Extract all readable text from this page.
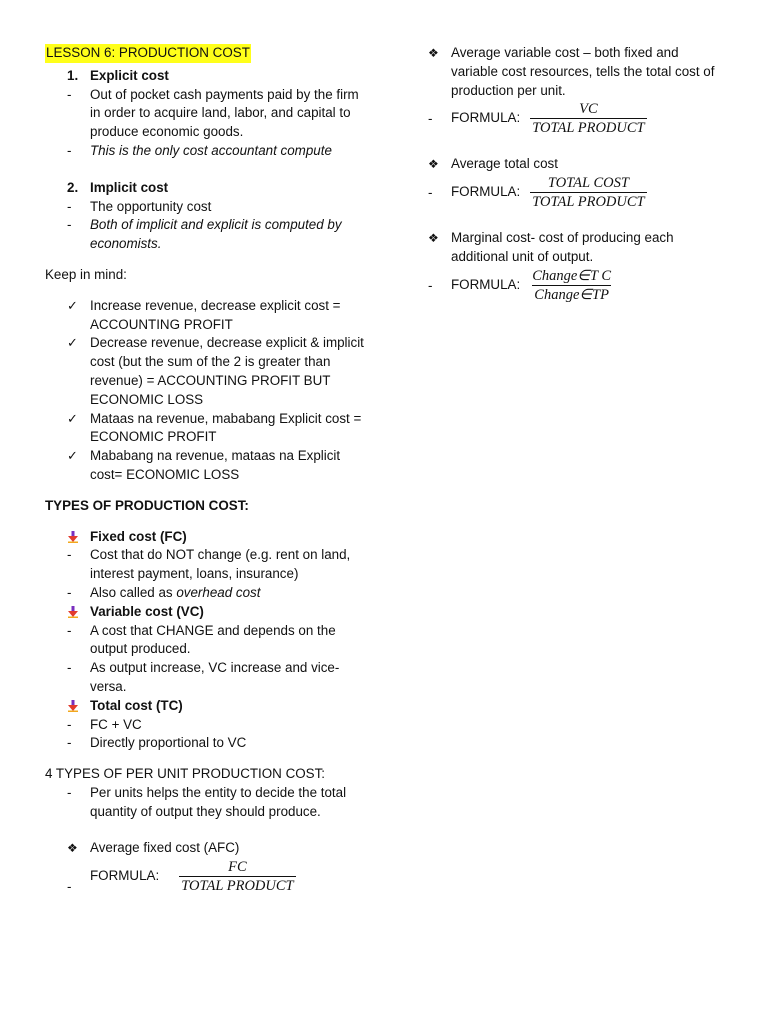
LESSON 6: PRODUCTION COST
1. Explicit cost
-	Out of pocket cash payments paid by the firm in order to acquire land, labor, and capital to produce economic goods.
-	This is the only cost accountant compute
2. Implicit cost
-	The opportunity cost
-	Both of implicit and explicit is computed by economists.
Keep in mind:
✓ Increase revenue, decrease explicit cost = ACCOUNTING PROFIT
✓ Decrease revenue, decrease explicit & implicit cost (but the sum of the 2 is greater than revenue) = ACCOUNTING PROFIT BUT ECONOMIC LOSS
✓ Mataas na revenue, mababang Explicit cost = ECONOMIC PROFIT
✓ Mababang na revenue, mataas na Explicit cost= ECONOMIC LOSS
TYPES OF PRODUCTION COST:
Fixed cost (FC)
-	Cost that do NOT change (e.g. rent on land, interest payment, loans, insurance)
-	Also called as overhead cost
Variable cost (VC)
-	A cost that CHANGE and depends on the output produced.
-	As output increase, VC increase and vice-versa.
Total cost (TC)
-	FC + VC
-	Directly proportional to VC
4 TYPES OF PER UNIT PRODUCTION COST:
-	Per units helps the entity to decide the total quantity of output they should produce.
❖ Average fixed cost (AFC)
-
FORMULA: $\frac{FC}{\text{TOTAL PRODUCT}}$
❖ Average variable cost – both fixed and variable cost resources, tells the total cost of production per unit.
-	FORMULA: $\frac{VC}{\text{TOTAL PRODUCT}}$
❖ Average total cost
-	FORMULA: $\frac{\text{TOTAL COST}}{\text{TOTAL PRODUCT}}$
❖ Marginal cost- cost of producing each additional unit of output.
-	FORMULA: $\frac{\text{Change∈T C}}{\text{Change∈TP}}$
